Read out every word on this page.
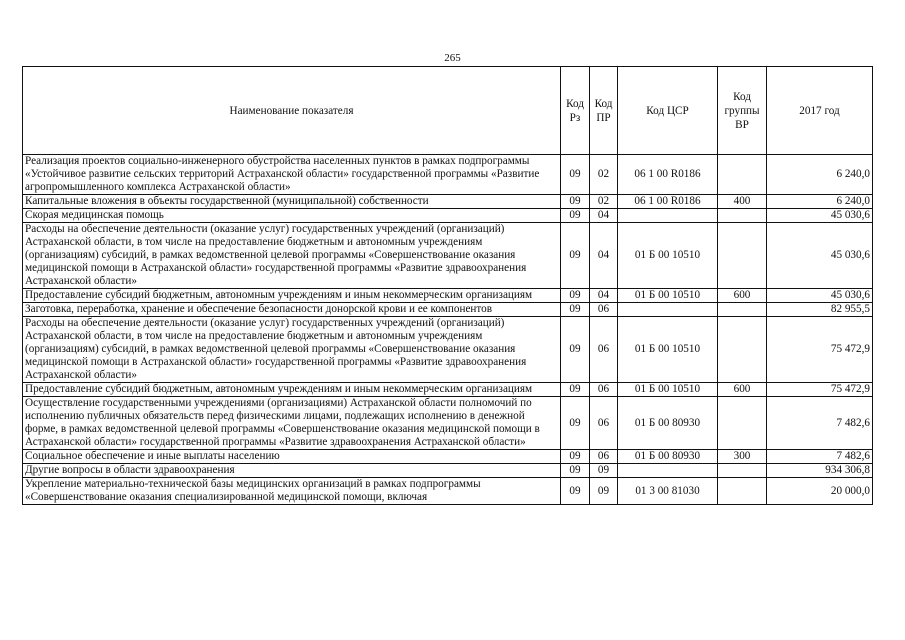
265
Наименование показателя	Код Рз	Код ПР	Код ЦСР	Код группы ВР	2017 год
Реализация проектов социально-инженерного обустройства населенных пунктов в рамках подпрограммы «Устойчивое развитие сельских территорий Астраханской области» государственной программы «Развитие агропромышленного комплекса Астраханской области»	09	02	06 1 00 R0186		6 240,0
Капитальные вложения в объекты государственной (муниципальной) собственности	09	02	06 1 00 R0186	400	6 240,0
Скорая медицинская помощь	09	04			45 030,6
Расходы на обеспечение деятельности (оказание услуг) государственных учреждений (организаций) Астраханской области, в том числе на предоставление бюджетным и автономным учреждениям (организациям) субсидий, в рамках ведомственной целевой программы «Совершенствование оказания медицинской помощи в Астраханской области» государственной программы «Развитие здравоохранения Астраханской области»	09	04	01 Б 00 10510		45 030,6
Предоставление субсидий бюджетным, автономным учреждениям и иным некоммерческим организациям	09	04	01 Б 00 10510	600	45 030,6
Заготовка, переработка, хранение и обеспечение безопасности донорской крови и ее компонентов	09	06			82 955,5
Расходы на обеспечение деятельности (оказание услуг) государственных учреждений (организаций) Астраханской области, в том числе на предоставление бюджетным и автономным учреждениям (организациям) субсидий, в рамках ведомственной целевой программы «Совершенствование оказания медицинской помощи в Астраханской области» государственной программы «Развитие здравоохранения Астраханской области»	09	06	01 Б 00 10510		75 472,9
Предоставление субсидий бюджетным, автономным учреждениям и иным некоммерческим организациям	09	06	01 Б 00 10510	600	75 472,9
Осуществление государственными учреждениями (организациями) Астраханской области полномочий по исполнению публичных обязательств перед физическими лицами, подлежащих исполнению в денежной форме, в рамках ведомственной целевой программы «Совершенствование оказания медицинской помощи в Астраханской области» государственной программы «Развитие здравоохранения Астраханской области»	09	06	01 Б 00 80930		7 482,6
Социальное обеспечение и иные выплаты населению	09	06	01 Б 00 80930	300	7 482,6
Другие вопросы в области здравоохранения	09	09			934 306,8
Укрепление материально-технической базы медицинских организаций в рамках подпрограммы «Совершенствование оказания специализированной медицинской помощи, включая	09	09	01 3 00 81030		20 000,0
